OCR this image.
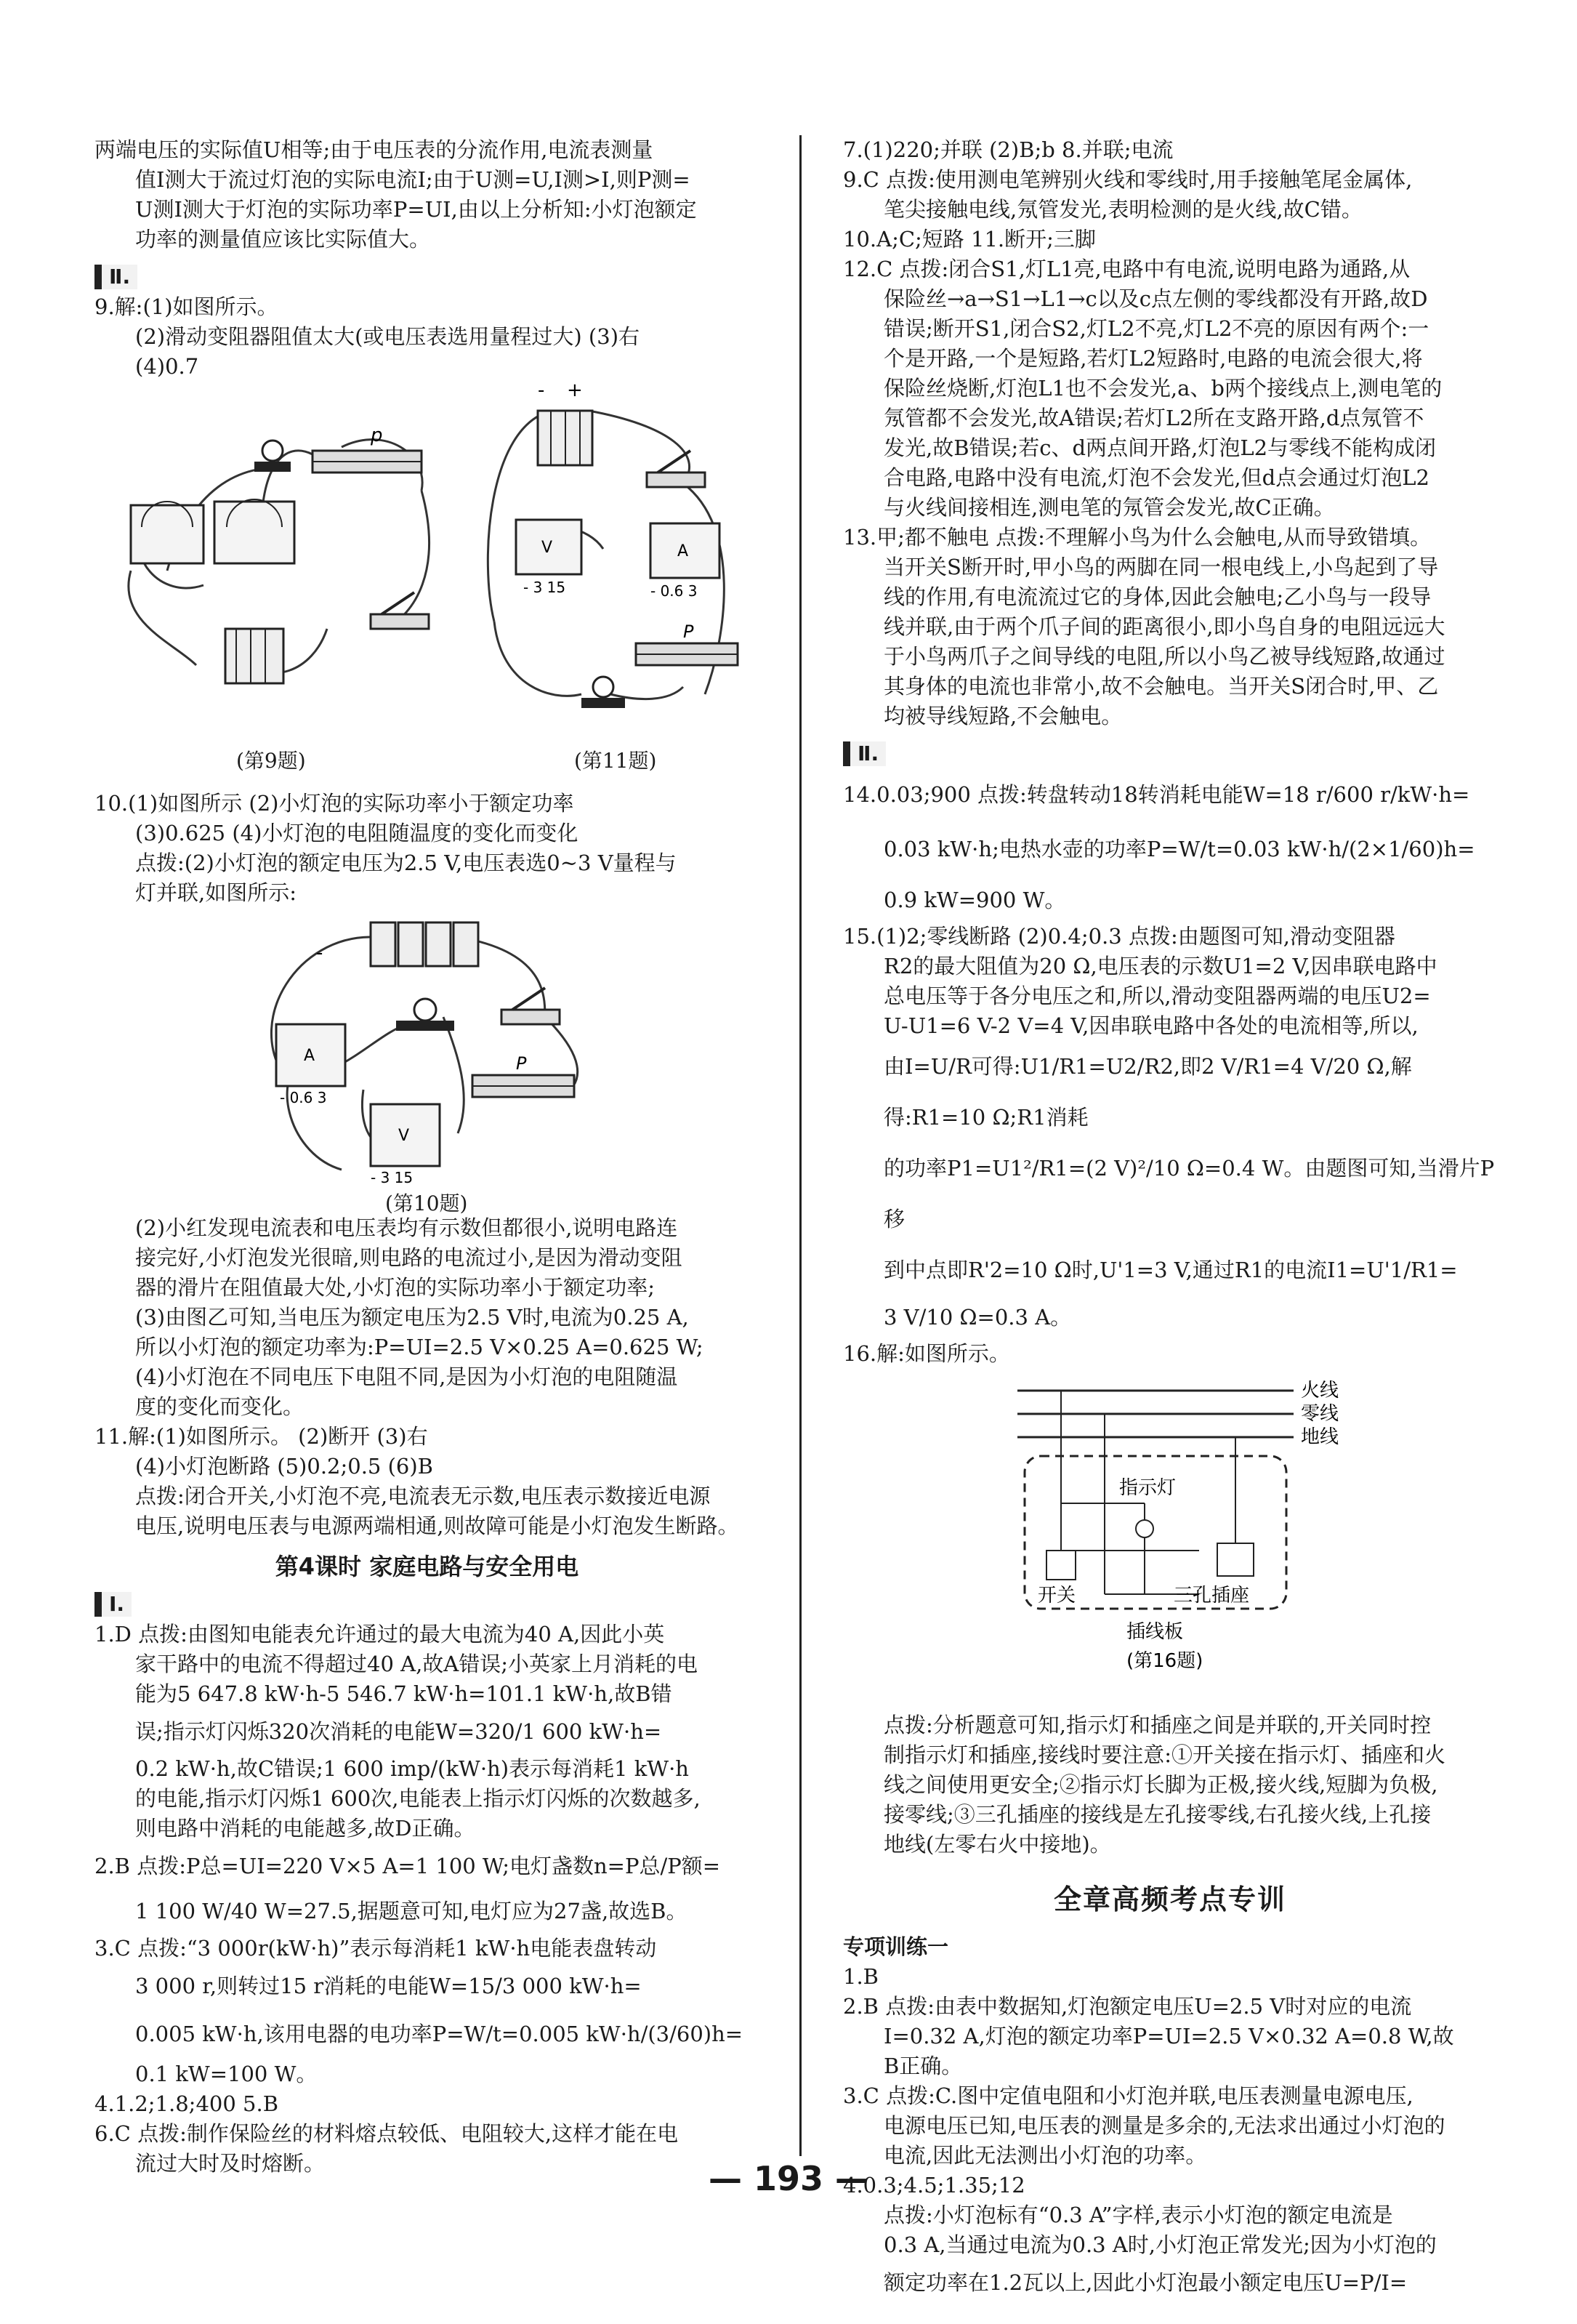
两端电压的实际值U相等;由于电压表的分流作用,电流表测量

值I测大于流过灯泡的实际电流I;由于U测=U,I测>I,则P测=

U测I测大于灯泡的实际功率P=UI,由以上分析知:小灯泡额定

功率的测量值应该比实际值大。

Ⅱ.

9.解:(1)如图所示。

(2)滑动变阻器阻值太大(或电压表选用量程过大) (3)右

(4)0.7

p
(第9题)
- +
V
- 3 15
A
- 0.6 3
P
(第11题)

10.(1)如图所示 (2)小灯泡的实际功率小于额定功率

(3)0.625 (4)小灯泡的电阻随温度的变化而变化

点拨:(2)小灯泡的额定电压为2.5 V,电压表选0~3 V量程与

灯并联,如图所示:

-
A
- 0.6 3
P
V
- 3 15
(第10题)

(2)小红发现电流表和电压表均有示数但都很小,说明电路连

接完好,小灯泡发光很暗,则电路的电流过小,是因为滑动变阻

器的滑片在阻值最大处,小灯泡的实际功率小于额定功率;

(3)由图乙可知,当电压为额定电压为2.5 V时,电流为0.25 A,

所以小灯泡的额定功率为:P=UI=2.5 V×0.25 A=0.625 W;

(4)小灯泡在不同电压下电阻不同,是因为小灯泡的电阻随温

度的变化而变化。

11.解:(1)如图所示。 (2)断开 (3)右

(4)小灯泡断路 (5)0.2;0.5 (6)B

点拨:闭合开关,小灯泡不亮,电流表无示数,电压表示数接近电源

电压,说明电压表与电源两端相通,则故障可能是小灯泡发生断路。

第4课时 家庭电路与安全用电
Ⅰ.

1.D 点拨:由图知电能表允许通过的最大电流为40 A,因此小英

家干路中的电流不得超过40 A,故A错误;小英家上月消耗的电

能为5 647.8 kW·h-5 546.7 kW·h=101.1 kW·h,故B错

误;指示灯闪烁320次消耗的电能W=320/1 600 kW·h=

0.2 kW·h,故C错误;1 600 imp/(kW·h)表示每消耗1 kW·h

的电能,指示灯闪烁1 600次,电能表上指示灯闪烁的次数越多,

则电路中消耗的电能越多,故D正确。

2.B 点拨:P总=UI=220 V×5 A=1 100 W;电灯盏数n=P总/P额=

1 100 W/40 W=27.5,据题意可知,电灯应为27盏,故选B。

3.C 点拨:“3 000r(kW·h)”表示每消耗1 kW·h电能表盘转动

3 000 r,则转过15 r消耗的电能W=15/3 000 kW·h=

0.005 kW·h,该用电器的电功率P=W/t=0.005 kW·h/(3/60)h=

0.1 kW=100 W。

4.1.2;1.8;400 5.B

6.C 点拨:制作保险丝的材料熔点较低、电阻较大,这样才能在电

流过大时及时熔断。

7.(1)220;并联 (2)B;b 8.并联;电流

9.C 点拨:使用测电笔辨别火线和零线时,用手接触笔尾金属体,

笔尖接触电线,氖管发光,表明检测的是火线,故C错。

10.A;C;短路 11.断开;三脚

12.C 点拨:闭合S1,灯L1亮,电路中有电流,说明电路为通路,从

保险丝→a→S1→L1→c以及c点左侧的零线都没有开路,故D

错误;断开S1,闭合S2,灯L2不亮,灯L2不亮的原因有两个:一

个是开路,一个是短路,若灯L2短路时,电路的电流会很大,将

保险丝烧断,灯泡L1也不会发光,a、b两个接线点上,测电笔的

氖管都不会发光,故A错误;若灯L2所在支路开路,d点氖管不

发光,故B错误;若c、d两点间开路,灯泡L2与零线不能构成闭

合电路,电路中没有电流,灯泡不会发光,但d点会通过灯泡L2

与火线间接相连,测电笔的氖管会发光,故C正确。

13.甲;都不触电 点拨:不理解小鸟为什么会触电,从而导致错填。

当开关S断开时,甲小鸟的两脚在同一根电线上,小鸟起到了导

线的作用,有电流流过它的身体,因此会触电;乙小鸟与一段导

线并联,由于两个爪子间的距离很小,即小鸟自身的电阻远远大

于小鸟两爪子之间导线的电阻,所以小鸟乙被导线短路,故通过

其身体的电流也非常小,故不会触电。当开关S闭合时,甲、乙

均被导线短路,不会触电。

Ⅱ.

14.0.03;900 点拨:转盘转动18转消耗电能W=18 r/600 r/kW·h=

0.03 kW·h;电热水壶的功率P=W/t=0.03 kW·h/(2×1/60)h=

0.9 kW=900 W。

15.(1)2;零线断路 (2)0.4;0.3 点拨:由题图可知,滑动变阻器

R2的最大阻值为20 Ω,电压表的示数U1=2 V,因串联电路中

总电压等于各分电压之和,所以,滑动变阻器两端的电压U2=

U-U1=6 V-2 V=4 V,因串联电路中各处的电流相等,所以,

由I=U/R可得:U1/R1=U2/R2,即2 V/R1=4 V/20 Ω,解得:R1=10 Ω;R1消耗

的功率P1=U1²/R1=(2 V)²/10 Ω=0.4 W。由题图可知,当滑片P移

到中点即R'2=10 Ω时,U'1=3 V,通过R1的电流I1=U'1/R1=

3 V/10 Ω=0.3 A。

16.解:如图所示。

火线
零线
地线
指示灯
开关	三孔插座
插线板
(第16题)

点拨:分析题意可知,指示灯和插座之间是并联的,开关同时控

制指示灯和插座,接线时要注意:①开关接在指示灯、插座和火

线之间使用更安全;②指示灯长脚为正极,接火线,短脚为负极,

接零线;③三孔插座的接线是左孔接零线,右孔接火线,上孔接

地线(左零右火中接地)。

全章高频考点专训
专项训练一

1.B

2.B 点拨:由表中数据知,灯泡额定电压U=2.5 V时对应的电流

I=0.32 A,灯泡的额定功率P=UI=2.5 V×0.32 A=0.8 W,故

B正确。

3.C 点拨:C.图中定值电阻和小灯泡并联,电压表测量电源电压,

电源电压已知,电压表的测量是多余的,无法求出通过小灯泡的

电流,因此无法测出小灯泡的功率。

4.0.3;4.5;1.35;12

点拨:小灯泡标有“0.3 A”字样,表示小灯泡的额定电流是

0.3 A,当通过电流为0.3 A时,小灯泡正常发光;因为小灯泡的

额定功率在1.2瓦以上,因此小灯泡最小额定电压U=P/I=

— 193 —
